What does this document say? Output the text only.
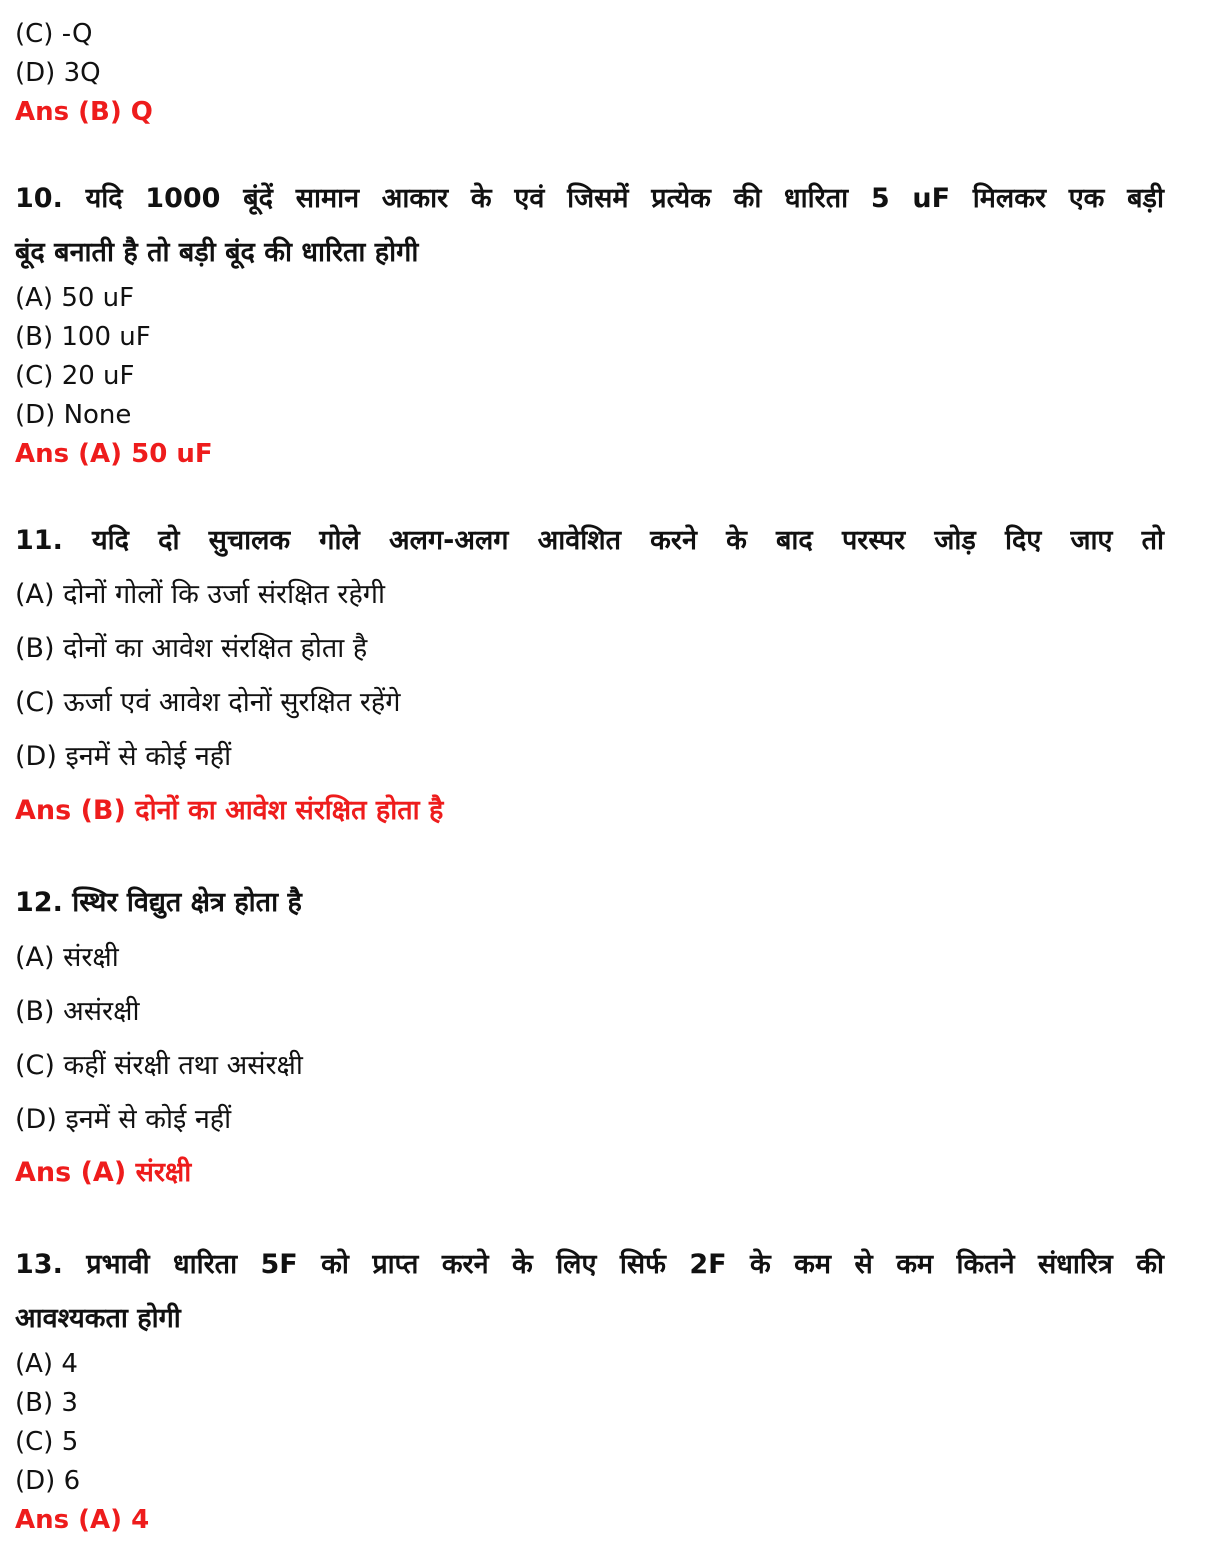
(C) -Q

(D) 3Q

Ans (B) Q

10. यदि 1000 बूंदें सामान आकार के एवं जिसमें प्रत्येक की धारिता 5 uF मिलकर एक बड़ी

बूंद बनाती है तो बड़ी बूंद की धारिता होगी

(A) 50 uF

(B) 100 uF

(C) 20 uF

(D) None

Ans (A) 50 uF

11. यदि दो सुचालक गोले अलग-अलग आवेशित करने के बाद परस्पर जोड़ दिए जाए तो

(A) दोनों गोलों कि उर्जा संरक्षित रहेगी

(B) दोनों का आवेश संरक्षित होता है

(C) ऊर्जा एवं आवेश दोनों सुरक्षित रहेंगे

(D) इनमें से कोई नहीं

Ans (B) दोनों का आवेश संरक्षित होता है

12. स्थिर विद्युत क्षेत्र होता है

(A) संरक्षी

(B) असंरक्षी

(C) कहीं संरक्षी तथा असंरक्षी

(D) इनमें से कोई नहीं

Ans (A) संरक्षी

13. प्रभावी धारिता 5F को प्राप्त करने के लिए सिर्फ 2F के कम से कम कितने संधारित्र की

आवश्यकता होगी

(A) 4

(B) 3

(C) 5

(D) 6

Ans (A) 4
